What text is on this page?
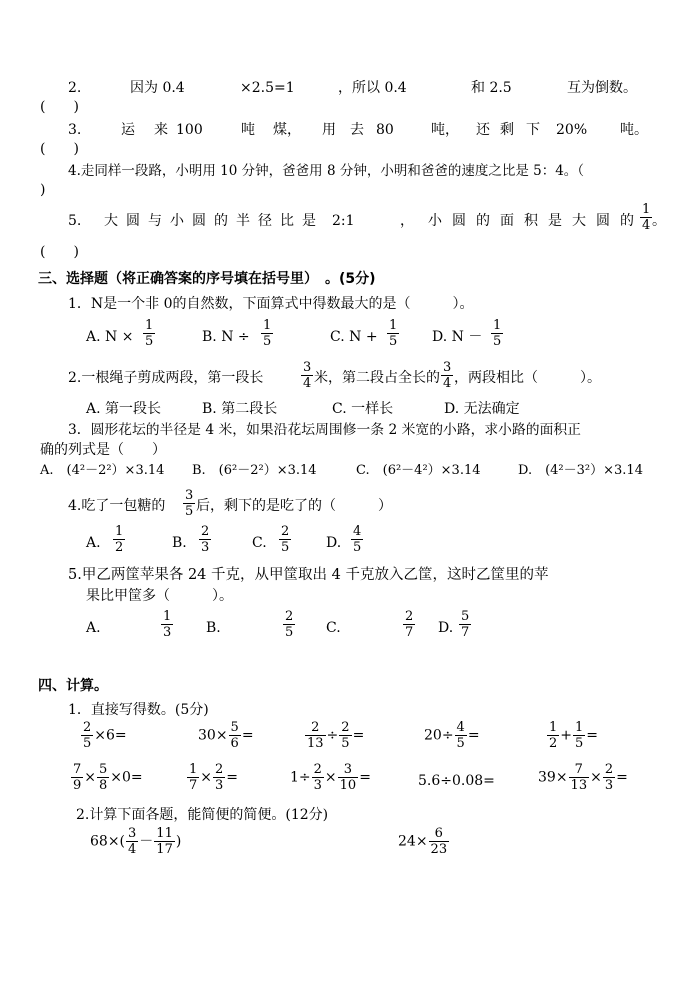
2.	因为 0.4	×2.5=1	，所以 0.4	和 2.5	互为倒数。
(　　)
3.	运 来 100	吨 煤， 用 去 80	吨， 还 剩 下 20% 吨。
(　　)
4.走同样一段路，小明用 10 分钟，爸爸用 8 分钟，小明和爸爸的速度之比是 5：4。（
)
5. 大 圆 与 小 圆 的 半 径 比 是 2:1	， 小 圆 的 面 积 是 大 圆 的 $\frac{1}{4}$ 。
(　　)
三、选择题（将正确答案的序号填在括号里）　。(5分)
1．N是一个非 0的自然数，下面算式中得数最大的是（　　　）。
A. $N \times \frac{1}{5}$	B. $N \div \frac{1}{5}$	C. $N + \frac{1}{5} D$. $N - \frac{1}{5}$
2.一根绳子剪成两段，第一段长	$\frac{3}{4}$ 米，第二段占全长的 $\frac{3}{4}$ ，两段相比（　　　）。
A. 第一段长	B. 第二段长	C. 一样长	D. 无法确定
3．圆形花坛的半径是 4 米，如果沿花坛周围修一条 2 米宽的小路，求小路的面积正
确的列式是（　　）
A.　(4²－2²）×3.14 B.　(6²－2²）×3.14	C.　(6²－4²）×3.14	D.　(4²－3²）×3.14
4.吃了一包糖的 $\frac{3}{5}$ 后，剩下的是吃了的（　　　）
A. $\frac{1}{2}$	B. $\frac{2}{3}$	C. $\frac{2}{5} D$. $\frac{4}{5}$
5.甲乙两筐苹果各 24 千克，从甲筐取出 4 千克放入乙筐，这时乙筐里的苹
果比甲筐多（　　　）。
A.	$\frac{1}{3} B$.	$\frac{2}{5} C$.	$\frac{2}{7} D$. $\frac{5}{7}$
四、计算。
1．直接写得数。(5分)
$\frac{2}{5} \times 6=$	$30\times \frac{5}{6}$ =	$\frac{2}{13} \div \frac{2}{5}$ =	$20\div \frac{4}{5}$ =	$\frac{1}{2} + \frac{1}{5}$ =
$\frac{7}{9} \times \frac{5}{8} \times 0=$	$\frac{1}{7} \times \frac{2}{3}$ =	$1\div \frac{2}{3} \times \frac{3}{10}$ =	5.6÷0.08=	$39\times \frac{7}{13} \times \frac{2}{3}$ =
2.计算下面各题，能简便的简便。(12分)
$68\times( \frac{3}{4} - \frac{11}{17}$ )	$24\times \frac{6}{23}$
